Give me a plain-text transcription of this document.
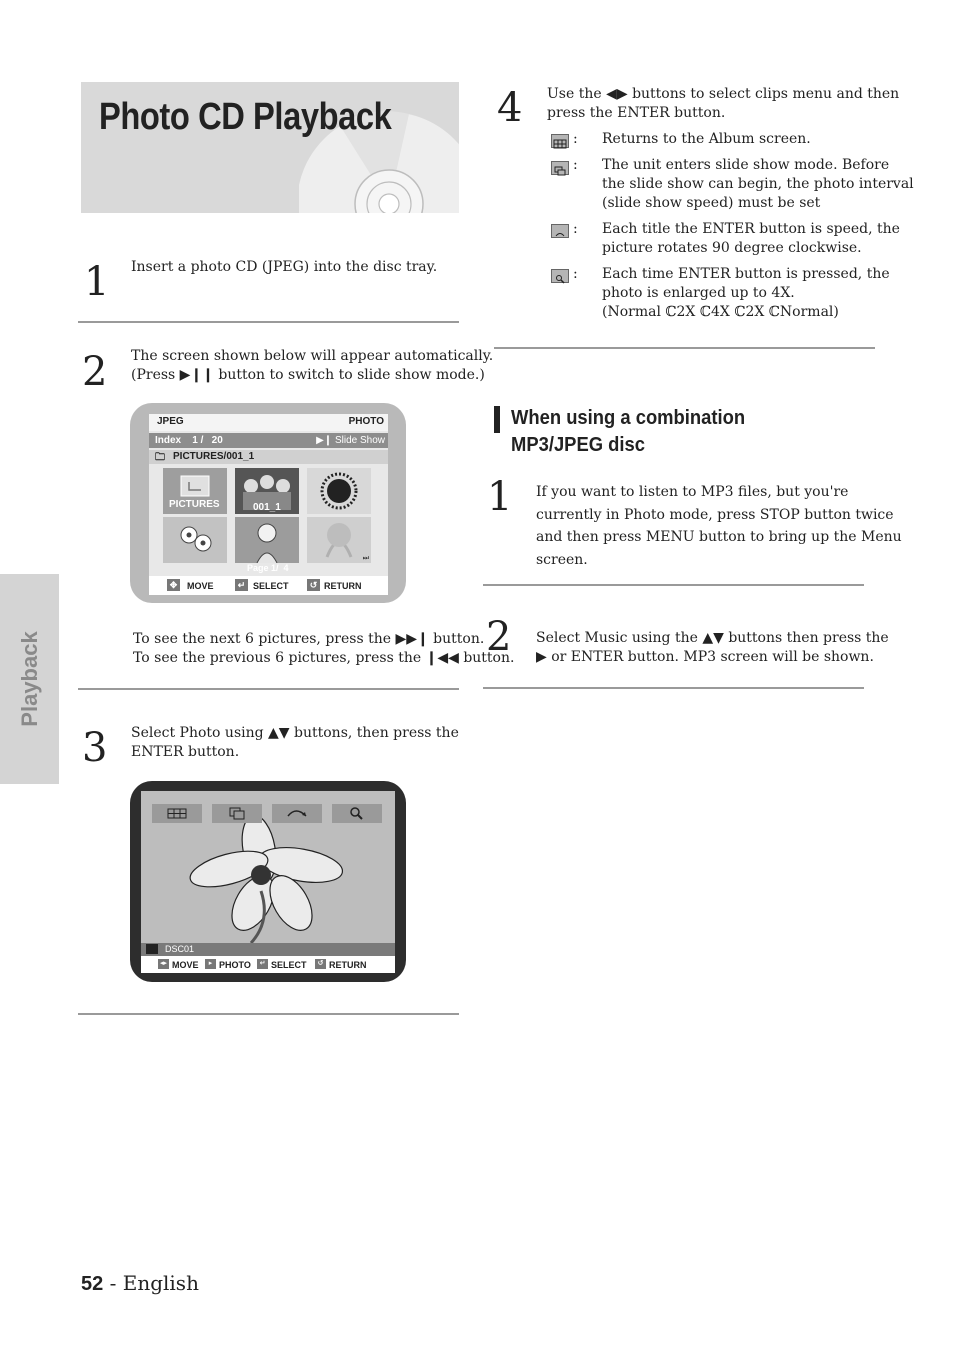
Photo CD Playback
Playback
1 Insert a photo CD (JPEG) into the disc tray.
2 The screen shown below will appear automatically.
(Press ▶❙❙ button to switch to slide show mode.)
JPEG	PHOTO
Index    1 /   20	▶❙ Slide Show
🗀 PICTURES/001_1
PICTURES	001_1
⏭
Page 1/  4
✥	MOVE	↵ SELECT	↺ RETURN
To see the next 6 pictures, press the ▶▶❙ button.
To see the previous 6 pictures, press the ❙◀◀ button.
3 Select Photo using ▲▼ buttons, then press the
ENTER button.
DSC01
◂▸ MOVE	▸ PHOTO	↵ SELECT	↺ RETURN
4 Use the ◀▶ buttons to select clips menu and then
press the ENTER button.
: Returns to the Album screen.
: The unit enters slide show mode. Before
the slide show can begin, the photo interval
(slide show speed) must be set
: Each title the ENTER button is speed, the
picture rotates 90 degree clockwise.
: Each time ENTER button is pressed, the
photo is enlarged up to 4X.
(Normal ℂ2X ℂ4X ℂ2X ℂNormal)
When using a combination
MP3/JPEG disc
1 If you want to listen to MP3 files, but you're
currently in Photo mode, press STOP button twice
and then press MENU button to bring up the Menu
screen.
2 Select Music using the ▲▼ buttons then press the
▶ or ENTER button. MP3 screen will be shown.
52 - English
